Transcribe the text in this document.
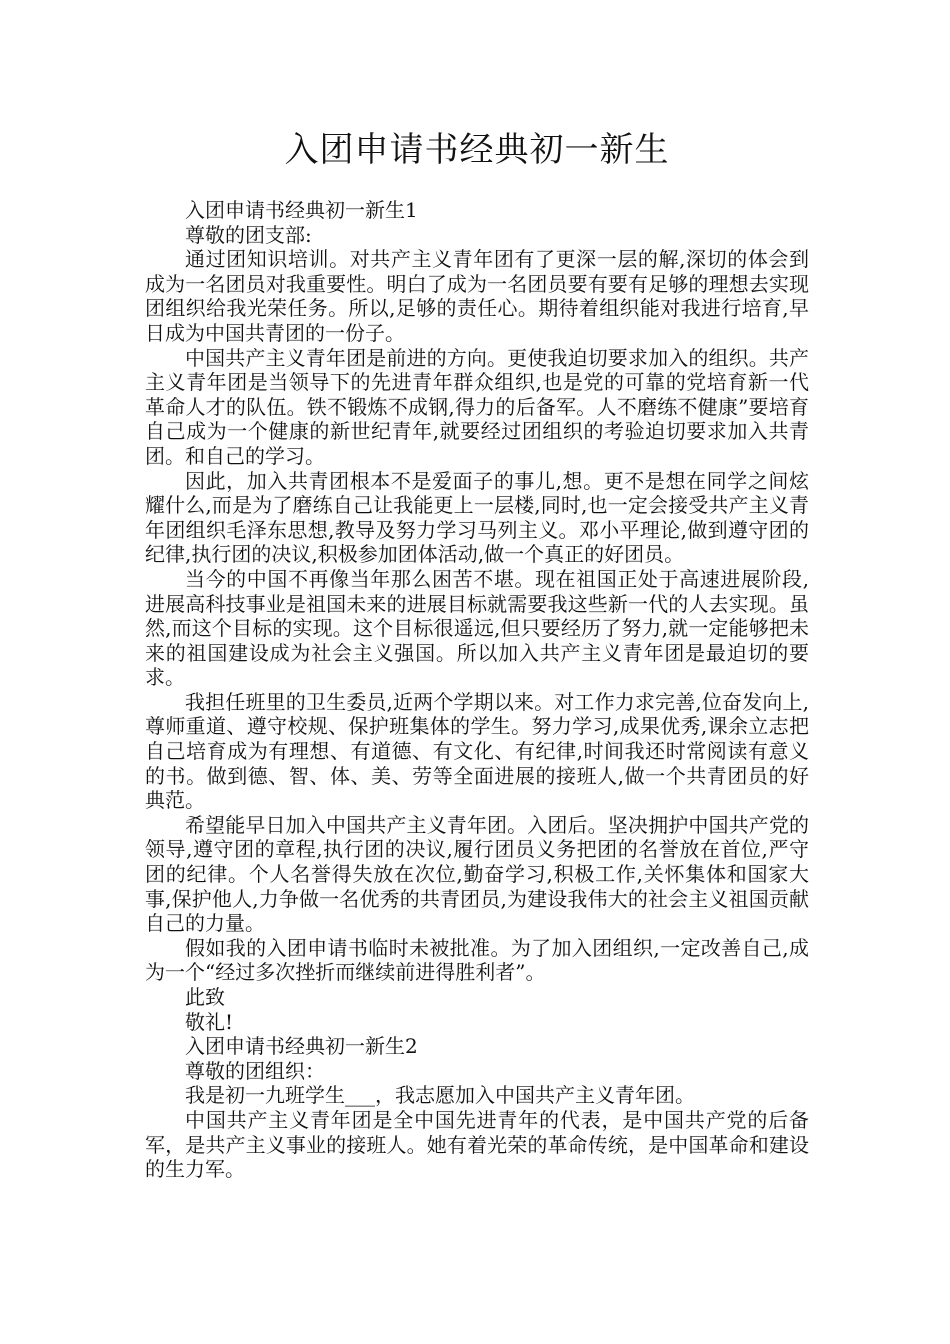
入团申请书经典初一新生

入团申请书经典初一新生1

尊敬的团支部:

通过团知识培训。对共产主义青年团有了更深一层的解,深切的体会到成为一名团员对我重要性。明白了成为一名团员要有要有足够的理想去实现团组织给我光荣任务。所以,足够的责任心。期待着组织能对我进行培育,早日成为中国共青团的一份子。

中国共产主义青年团是前进的方向。更使我迫切要求加入的组织。共产主义青年团是当领导下的先进青年群众组织,也是党的可靠的党培育新一代革命人才的队伍。铁不锻炼不成钢,得力的后备军。人不磨练不健康”要培育自己成为一个健康的新世纪青年,就要经过团组织的考验迫切要求加入共青团。和自己的学习。

因此，加入共青团根本不是爱面子的事儿,想。更不是想在同学之间炫耀什么,而是为了磨练自己让我能更上一层楼,同时,也一定会接受共产主义青年团组织毛泽东思想,教导及努力学习马列主义。邓小平理论,做到遵守团的纪律,执行团的决议,积极参加团体活动,做一个真正的好团员。

当今的中国不再像当年那么困苦不堪。现在祖国正处于高速进展阶段,进展高科技事业是祖国未来的进展目标就需要我这些新一代的人去实现。虽然,而这个目标的实现。这个目标很遥远,但只要经历了努力,就一定能够把未来的祖国建设成为社会主义强国。所以加入共产主义青年团是最迫切的要求。

我担任班里的卫生委员,近两个学期以来。对工作力求完善,位奋发向上,尊师重道、遵守校规、保护班集体的学生。努力学习,成果优秀,课余立志把自己培育成为有理想、有道德、有文化、有纪律,时间我还时常阅读有意义的书。做到德、智、体、美、劳等全面进展的接班人,做一个共青团员的好典范。

希望能早日加入中国共产主义青年团。入团后。坚决拥护中国共产党的领导,遵守团的章程,执行团的决议,履行团员义务把团的名誉放在首位,严守团的纪律。个人名誉得失放在次位,勤奋学习,积极工作,关怀集体和国家大事,保护他人,力争做一名优秀的共青团员,为建设我伟大的社会主义祖国贡献自己的力量。

假如我的入团申请书临时未被批准。为了加入团组织,一定改善自己,成为一个“经过多次挫折而继续前进得胜利者”。

此致

敬礼!

入团申请书经典初一新生2

尊敬的团组织：

我是初一九班学生___，我志愿加入中国共产主义青年团。

中国共产主义青年团是全中国先进青年的代表，是中国共产党的后备军，是共产主义事业的接班人。她有着光荣的革命传统，是中国革命和建设的生力军。
